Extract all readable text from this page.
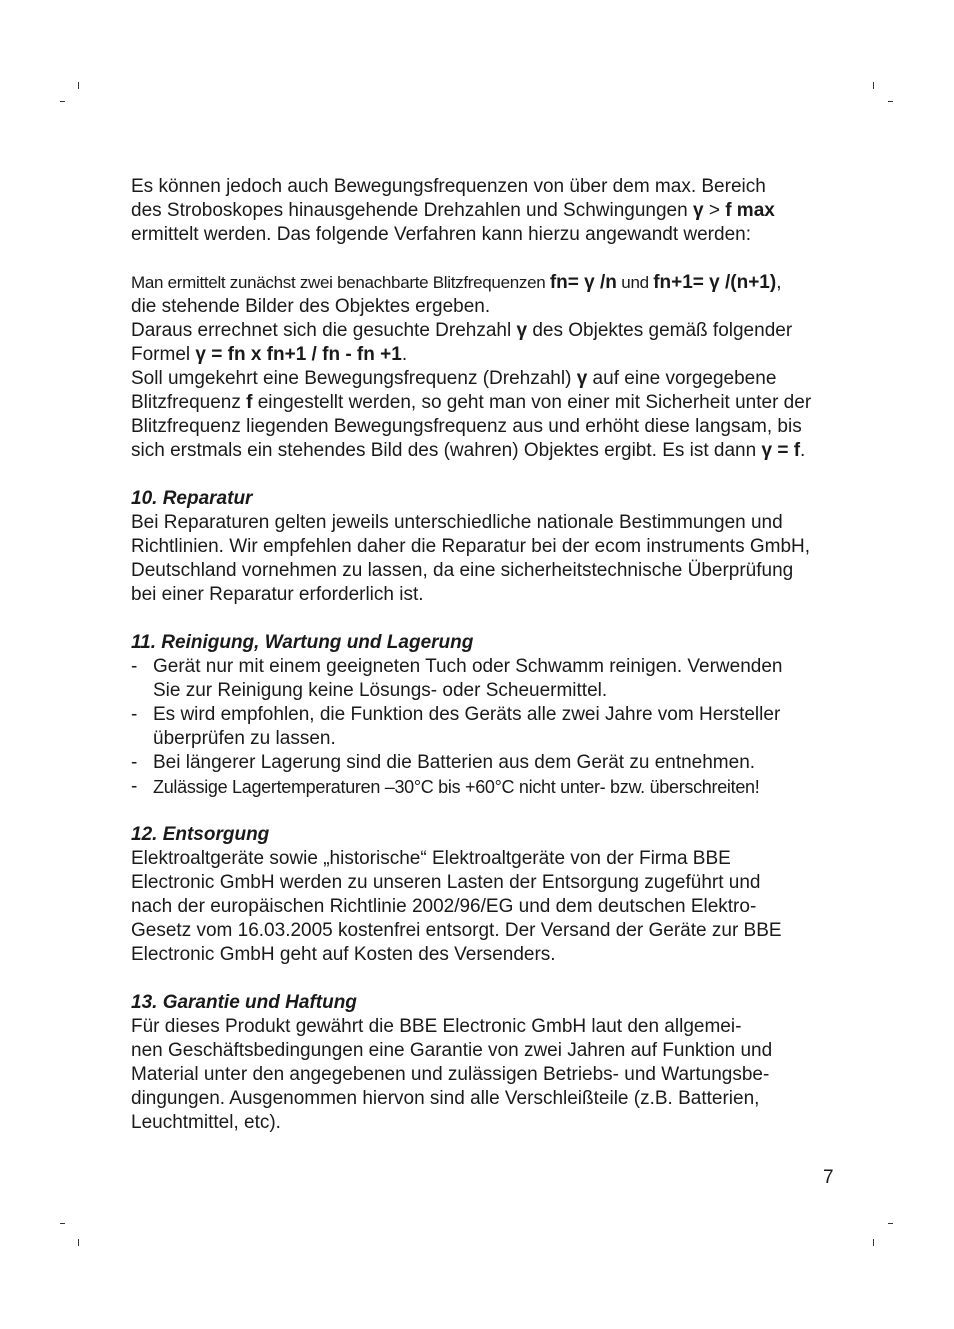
Es können jedoch auch Bewegungsfrequenzen von über dem max. Bereich
des Stroboskopes hinausgehende Drehzahlen und Schwingungen γ > f max
ermittelt werden. Das folgende Verfahren kann hierzu angewandt werden:
Man ermittelt zunächst zwei benachbarte Blitzfrequenzen fn= γ /n und fn+1= γ /(n+1),
die stehende Bilder des Objektes ergeben.
Daraus errechnet sich die gesuchte Drehzahl γ des Objektes gemäß folgender
Formel γ = fn x fn+1 / fn - fn +1.
Soll umgekehrt eine Bewegungsfrequenz (Drehzahl) γ auf eine vorgegebene
Blitzfrequenz f eingestellt werden, so geht man von einer mit Sicherheit unter der
Blitzfrequenz liegenden Bewegungsfrequenz aus und erhöht diese langsam, bis
sich erstmals ein stehendes Bild des (wahren) Objektes ergibt. Es ist dann γ = f.
10. Reparatur
Bei Reparaturen gelten jeweils unterschiedliche nationale Bestimmungen und
Richtlinien. Wir empfehlen daher die Reparatur bei der ecom instruments GmbH,
Deutschland vornehmen zu lassen, da eine sicherheitstechnische Überprüfung
bei einer Reparatur erforderlich ist.
11. Reinigung, Wartung und Lagerung
- Gerät nur mit einem geeigneten Tuch oder Schwamm reinigen. Verwenden
Sie zur Reinigung keine Lösungs- oder Scheuermittel.
- Es wird empfohlen, die Funktion des Geräts alle zwei Jahre vom Hersteller
überprüfen zu lassen.
- Bei längerer Lagerung sind die Batterien aus dem Gerät zu entnehmen.
- Zulässige Lagertemperaturen –30°C bis +60°C nicht unter- bzw. überschreiten!
12. Entsorgung
Elektroaltgeräte sowie „historische“ Elektroaltgeräte von der Firma BBE
Electronic GmbH werden zu unseren Lasten der Entsorgung zugeführt und
nach der europäischen Richtlinie 2002/96/EG und dem deutschen Elektro-
Gesetz vom 16.03.2005 kostenfrei entsorgt. Der Versand der Geräte zur BBE
Electronic GmbH geht auf Kosten des Versenders.
13. Garantie und Haftung
Für dieses Produkt gewährt die BBE Electronic GmbH laut den allgemei-
nen Geschäftsbedingungen eine Garantie von zwei Jahren auf Funktion und
Material unter den angegebenen und zulässigen Betriebs- und Wartungsbe-
dingungen. Ausgenommen hiervon sind alle Verschleißteile (z.B. Batterien,
Leuchtmittel, etc).
7
